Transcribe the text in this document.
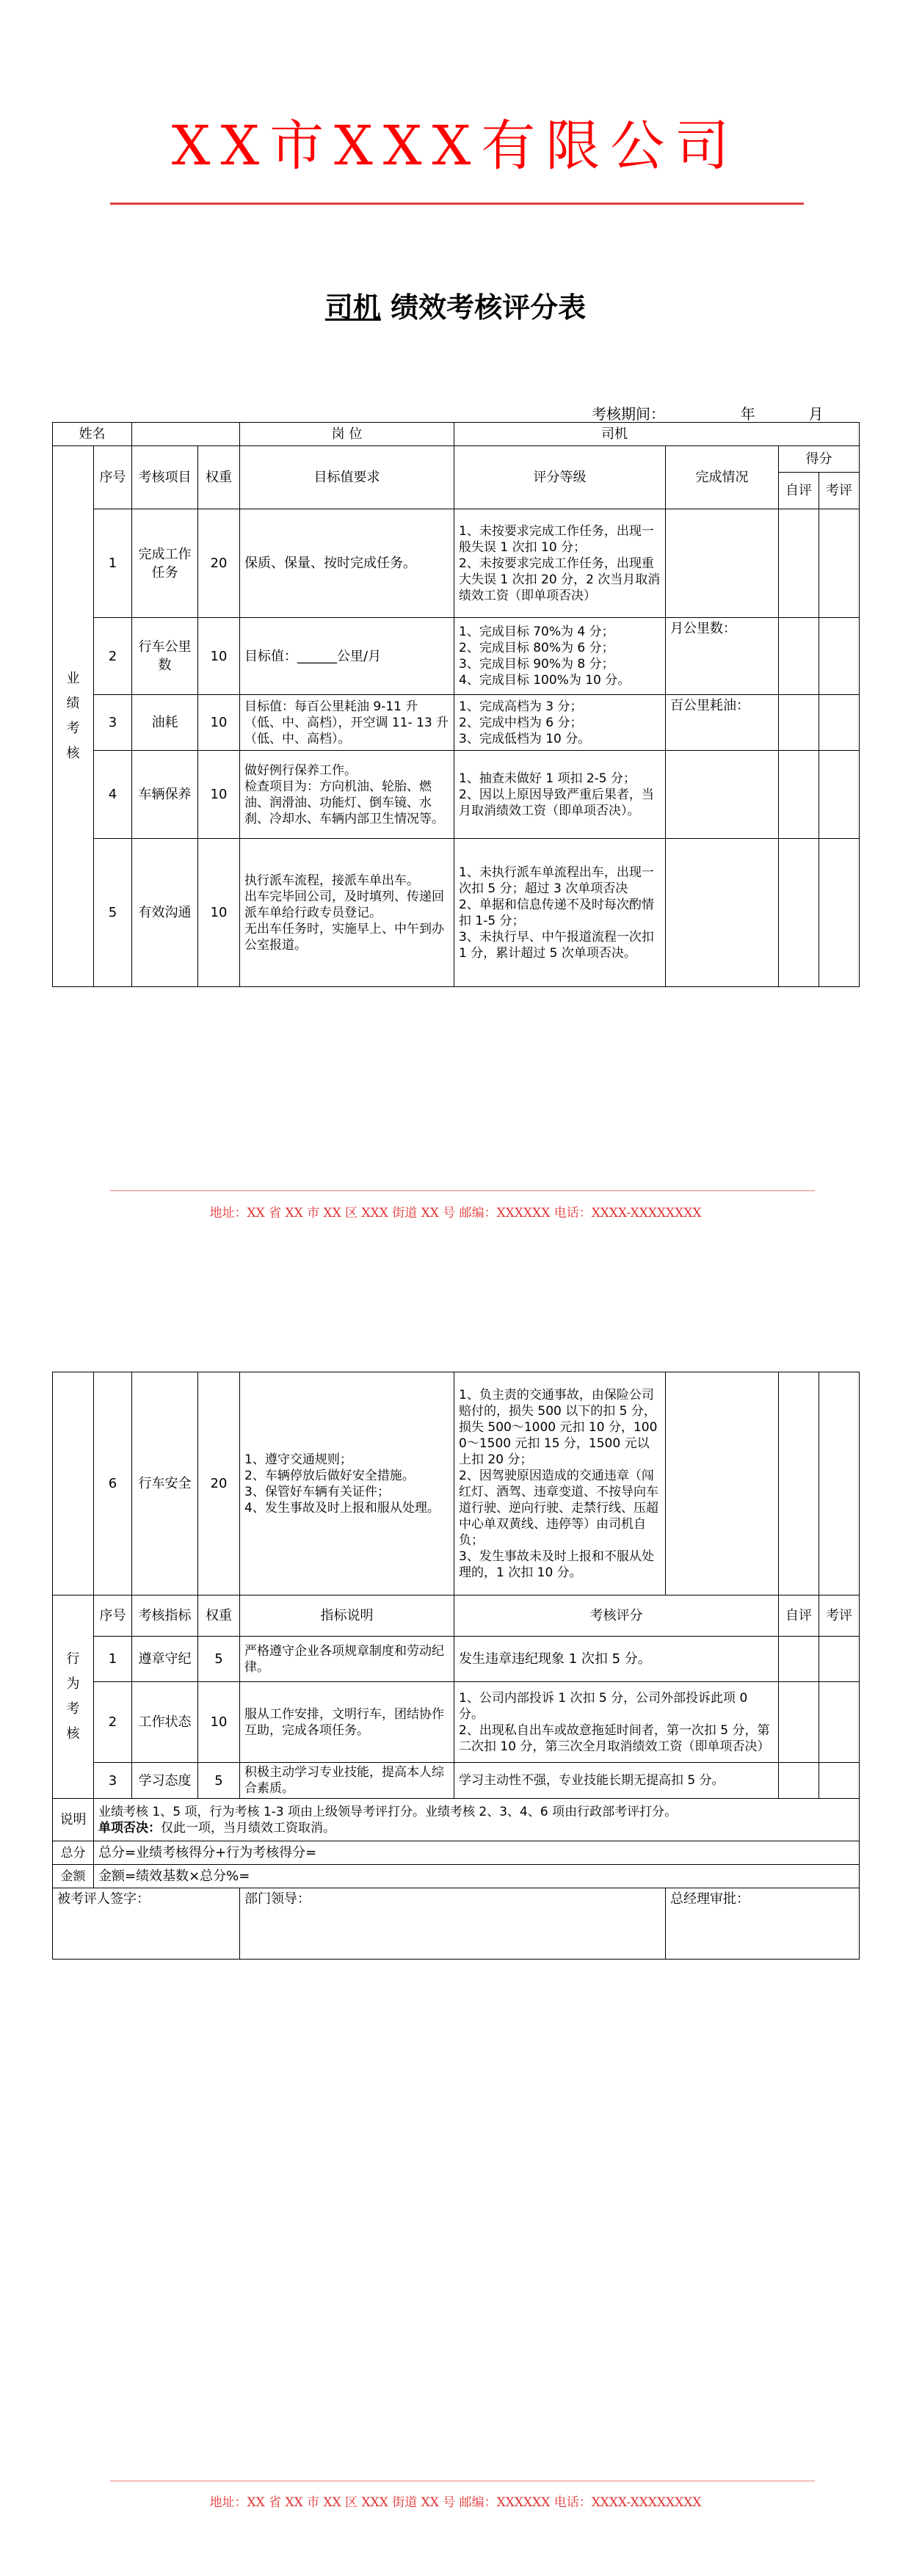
XX市XXX有限公司
司机 绩效考核评分表
考核期间：	年	月
姓名				岗 位	司机			

业绩考核	序号	考核项目	权重	目标值要求	评分等级	完成情况	得分	
							自评	考评
	1	完成工作任务	20	保质、保量、按时完成任务。	1、未按要求完成工作任务，出现一般失误 1 次扣 10 分；
2、未按要求完成工作任务，出现重大失误 1 次扣 20 分，2 次当月取消绩效工资（即单项否决）			
	2	行车公里数	10	目标值：______公里/月	1、完成目标 70%为 4 分；
2、完成目标 80%为 6 分；
3、完成目标 90%为 8 分；
4、完成目标 100%为 10 分。	月公里数：		
	3	油耗	10	目标值：每百公里耗油 9-11 升（低、中、高档），开空调 11- 13 升（低、中、高档）。	1、完成高档为 3 分；
2、完成中档为 6 分；
3、完成低档为 10 分。	百公里耗油：		
	4	车辆保养	10	做好例行保养工作。
检查项目为：方向机油、轮胎、燃油、润滑油、功能灯、倒车镜、水刹、冷却水、车辆内部卫生情况等。	1、抽查未做好 1 项扣 2-5 分；
2、因以上原因导致严重后果者，当月取消绩效工资（即单项否决）。			
	5	有效沟通	10	执行派车流程，接派车单出车。
出车完毕回公司，及时填列、传递回派车单给行政专员登记。
无出车任务时，实施早上、中午到办公室报道。	1、未执行派车单流程出车，出现一次扣 5 分；超过 3 次单项否决
2、单据和信息传递不及时每次酌情扣 1-5 分；
3、未执行早、中午报道流程一次扣 1 分，累计超过 5 次单项否决。			
地址：XX 省 XX 市 XX 区 XXX 街道 XX 号 邮编：XXXXXX 电话：XXXX-XXXXXXXX
	6	行车安全	20	1、遵守交通规则；
2、车辆停放后做好安全措施。
3、保管好车辆有关证件；
4、发生事故及时上报和服从处理。	1、负主责的交通事故，由保险公司赔付的，损失 500 以下的扣 5 分，损失 500～1000 元扣 10 分，1000～1500 元扣 15 分，1500 元以上扣 20 分；
2、因驾驶原因造成的交通违章（闯红灯、酒驾、违章变道、不按导向车道行驶、逆向行驶、走禁行线、压超中心单双黄线、违停等）由司机自负；
3、发生事故未及时上报和不服从处理的，1 次扣 10 分。			

行为考核	序号	考核指标	权重	指标说明	考核评分		自评	考评
	1	遵章守纪	5	严格遵守企业各项规章制度和劳动纪律。	发生违章违纪现象 1 次扣 5 分。			
	2	工作状态	10	服从工作安排，文明行车，团结协作互助，完成各项任务。	1、公司内部投诉 1 次扣 5 分，公司外部投诉此项 0 分。
2、出现私自出车或故意拖延时间者，第一次扣 5 分，第二次扣 10 分，第三次全月取消绩效工资（即单项否决）			
	3	学习态度	5	积极主动学习专业技能，提高本人综合素质。	学习主动性不强，专业技能长期无提高扣 5 分。			
说明	业绩考核 1、5 项，行为考核 1-3 项由上级领导考评打分。业绩考核 2、3、4、6 项由行政部考评打分。
单项否决：仅此一项，当月绩效工资取消。							

总分	总分=业绩考核得分+行为考核得分=							
金额	金额=绩效基数×总分%=							
被考评人签字：				部门领导：		总经理审批：		
地址：XX 省 XX 市 XX 区 XXX 街道 XX 号 邮编：XXXXXX 电话：XXXX-XXXXXXXX
